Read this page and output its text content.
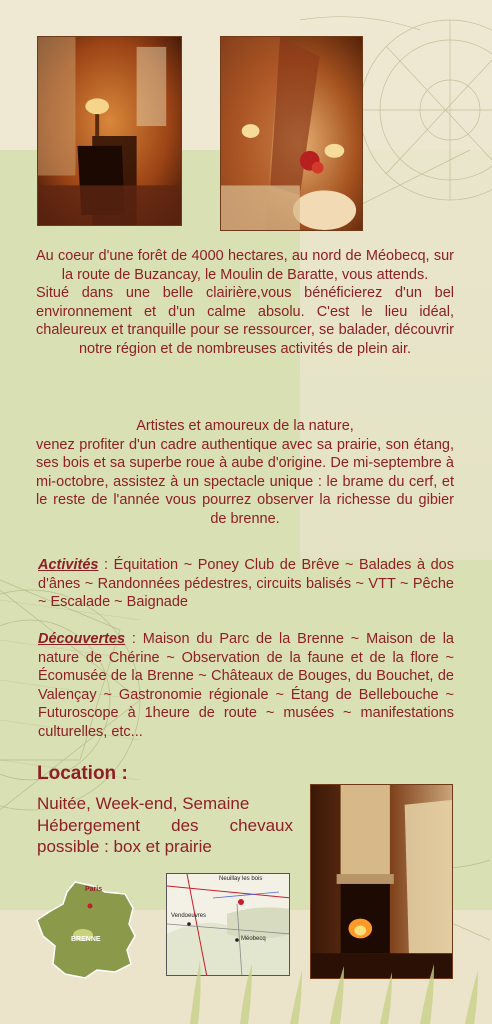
Au coeur d'une forêt de 4000 hectares, au nord de Méobecq, sur la route de Buzancay, le Moulin de Baratte, vous attends.

Situé dans une belle clairière,vous bénéficierez d'un bel environnement et d'un calme absolu. C'est le lieu idéal, chaleureux et tranquille pour se ressourcer, se balader, découvrir notre région et de nombreuses activités de plein air.

Artistes et amoureux de la nature,

venez profiter d'un cadre authentique avec sa prairie, son étang, ses bois et sa superbe roue à aube d'origine. De mi-septembre à mi-octobre, assistez à un spectacle unique : le brame du cerf, et le reste de l'année vous pourrez observer la richesse du gibier de brenne.

Activités : Équitation ~ Poney Club de Brêve ~ Balades à dos d'ânes ~ Randonnées pédestres, circuits balisés ~ VTT ~ Pêche ~ Escalade ~ Baignade
Découvertes : Maison du Parc de la Brenne ~ Maison de la nature de Chérine ~ Observation de la faune et de la flore ~ Écomusée de la Brenne ~ Châteaux de Bouges, du Bouchet, de Valençay ~ Gastronomie régionale ~ Étang de Bellebouche ~ Futuroscope à 1heure de route ~ musées ~ manifestations culturelles, etc...
Location :
Nuitée, Week-end, Semaine
Hébergement des chevaux possible : box et prairie
Paris
BRENNE
Neuillay les bois
Vendoeuvres
Méobecq
